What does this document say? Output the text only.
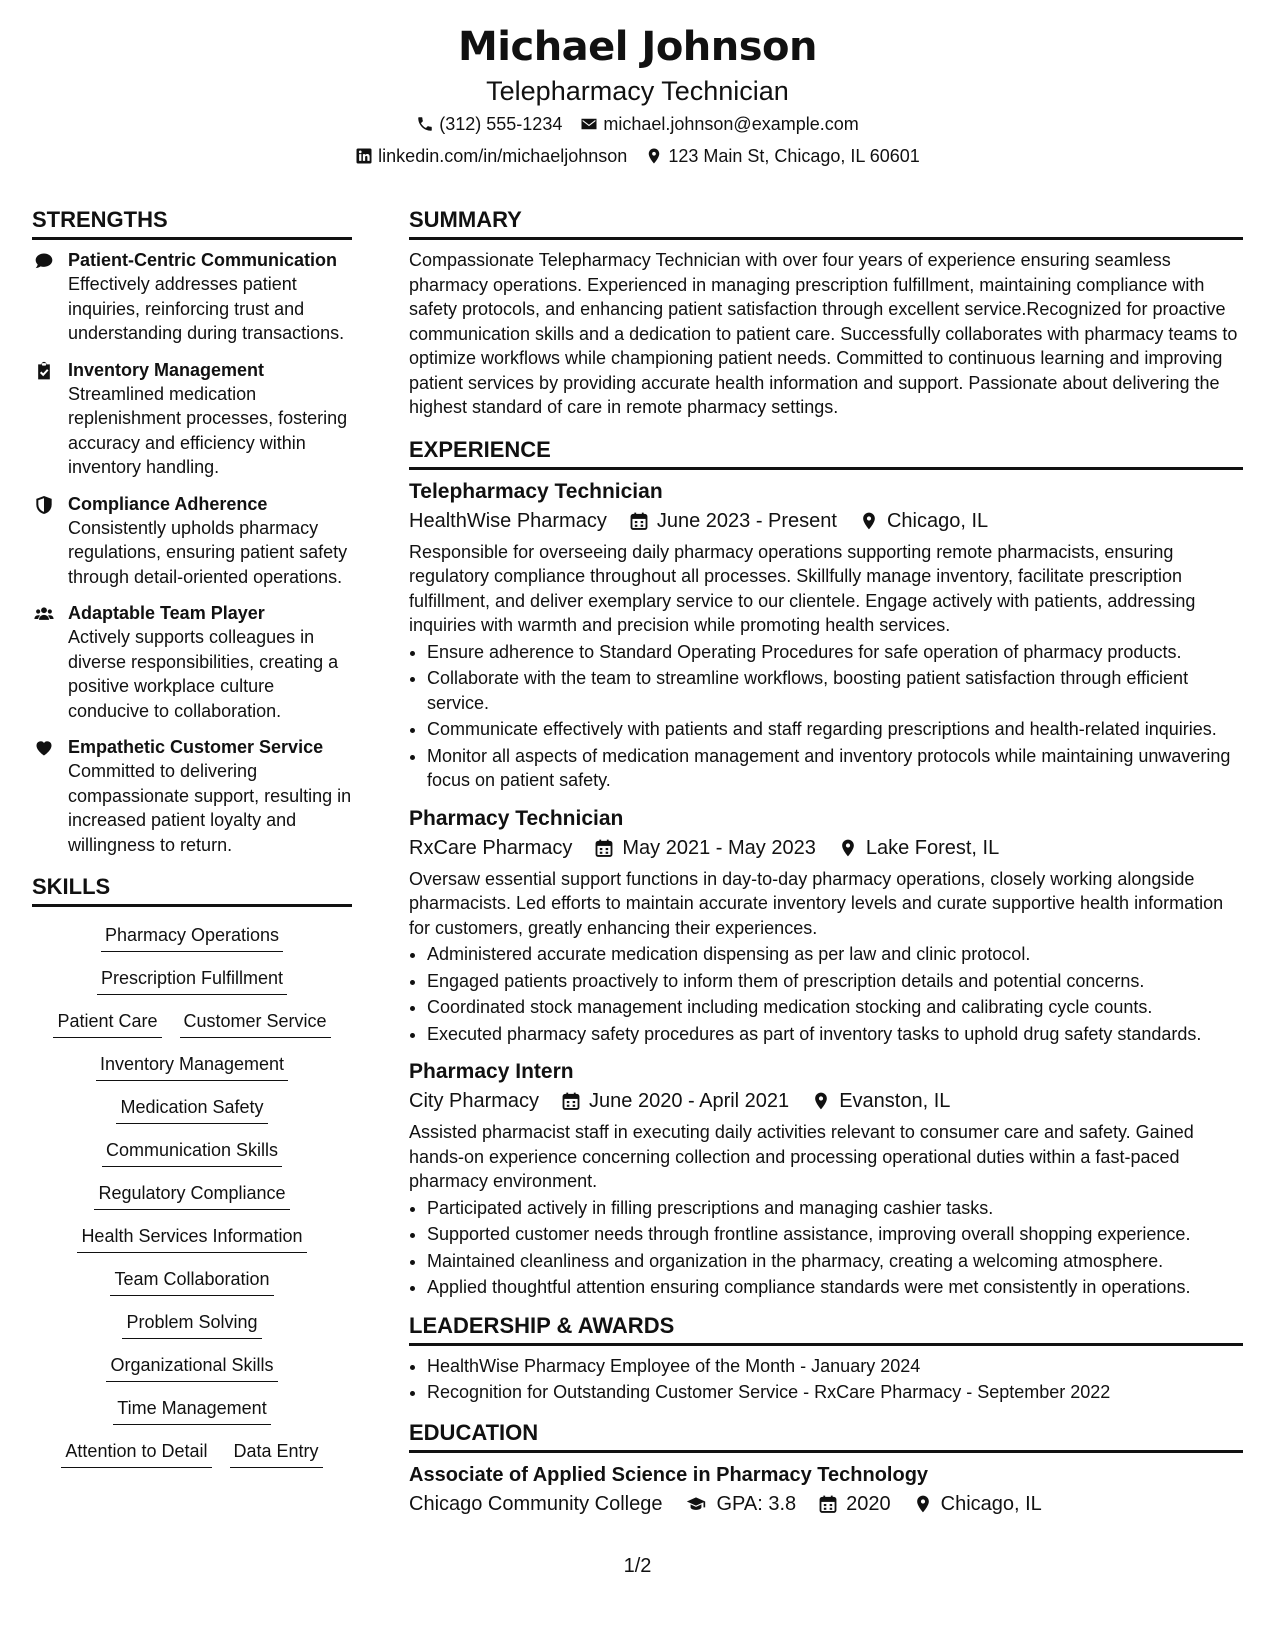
Michael Johnson
Telepharmacy Technician
(312) 555-1234 michael.johnson@example.com
linkedin.com/in/michaeljohnson 123 Main St, Chicago, IL 60601
STRENGTHS
Patient-Centric Communication
Effectively addresses patient inquiries, reinforcing trust and understanding during transactions.
Inventory Management
Streamlined medication replenishment processes, fostering accuracy and efficiency within inventory handling.
Compliance Adherence
Consistently upholds pharmacy regulations, ensuring patient safety through detail-oriented operations.
Adaptable Team Player
Actively supports colleagues in diverse responsibilities, creating a positive workplace culture conducive to collaboration.
Empathetic Customer Service
Committed to delivering compassionate support, resulting in increased patient loyalty and willingness to return.
SKILLS
Pharmacy Operations
Prescription Fulfillment
Patient Care Customer Service
Inventory Management
Medication Safety
Communication Skills
Regulatory Compliance
Health Services Information
Team Collaboration
Problem Solving
Organizational Skills
Time Management
Attention to Detail Data Entry
SUMMARY
Compassionate Telepharmacy Technician with over four years of experience ensuring seamless pharmacy operations. Experienced in managing prescription fulfillment, maintaining compliance with safety protocols, and enhancing patient satisfaction through excellent service.Recognized for proactive communication skills and a dedication to patient care. Successfully collaborates with pharmacy teams to optimize workflows while championing patient needs. Committed to continuous learning and improving patient services by providing accurate health information and support. Passionate about delivering the highest standard of care in remote pharmacy settings.
EXPERIENCE
Telepharmacy Technician
HealthWise Pharmacy	June 2023 - Present	Chicago, IL
Responsible for overseeing daily pharmacy operations supporting remote pharmacists, ensuring regulatory compliance throughout all processes. Skillfully manage inventory, facilitate prescription fulfillment, and deliver exemplary service to our clientele. Engage actively with patients, addressing inquiries with warmth and precision while promoting health services.
• Ensure adherence to Standard Operating Procedures for safe operation of pharmacy products.
• Collaborate with the team to streamline workflows, boosting patient satisfaction through efficient service.
• Communicate effectively with patients and staff regarding prescriptions and health-related inquiries.
• Monitor all aspects of medication management and inventory protocols while maintaining unwavering focus on patient safety.
Pharmacy Technician
RxCare Pharmacy	May 2021 - May 2023	Lake Forest, IL
Oversaw essential support functions in day-to-day pharmacy operations, closely working alongside pharmacists. Led efforts to maintain accurate inventory levels and curate supportive health information for customers, greatly enhancing their experiences.
• Administered accurate medication dispensing as per law and clinic protocol.
• Engaged patients proactively to inform them of prescription details and potential concerns.
• Coordinated stock management including medication stocking and calibrating cycle counts.
• Executed pharmacy safety procedures as part of inventory tasks to uphold drug safety standards.
Pharmacy Intern
City Pharmacy	June 2020 - April 2021	Evanston, IL
Assisted pharmacist staff in executing daily activities relevant to consumer care and safety. Gained hands-on experience concerning collection and processing operational duties within a fast-paced pharmacy environment.
• Participated actively in filling prescriptions and managing cashier tasks.
• Supported customer needs through frontline assistance, improving overall shopping experience.
• Maintained cleanliness and organization in the pharmacy, creating a welcoming atmosphere.
• Applied thoughtful attention ensuring compliance standards were met consistently in operations.
LEADERSHIP & AWARDS
• HealthWise Pharmacy Employee of the Month - January 2024
• Recognition for Outstanding Customer Service - RxCare Pharmacy - September 2022
EDUCATION
Associate of Applied Science in Pharmacy Technology
Chicago Community College	GPA: 3.8	2020	Chicago, IL
1/2
